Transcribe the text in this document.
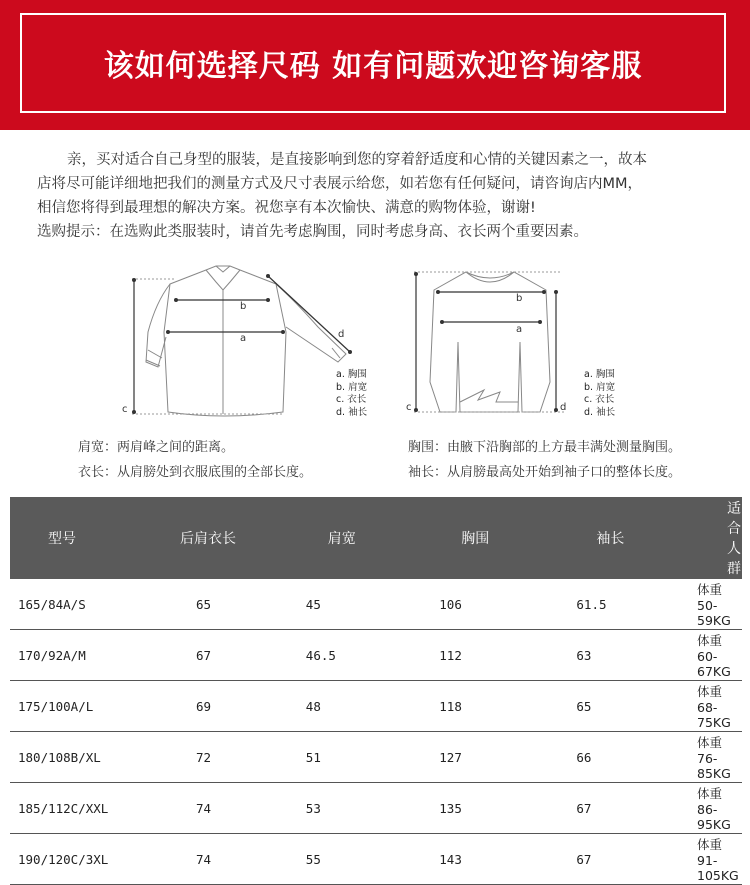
该如何选择尺码 如有问题欢迎咨询客服

亲，买对适合自己身型的服装，是直接影响到您的穿着舒适度和心情的关键因素之一，故本

店将尽可能详细地把我们的测量方式及尺寸表展示给您，如若您有任何疑问，请咨询店内MM，

相信您将得到最理想的解决方案。祝您享有本次愉快、满意的购物体验，谢谢!

选购提示：在选购此类服装时，请首先考虑胸围，同时考虑身高、衣长两个重要因素。

b
a
c
d
a. 胸围
b. 肩宽
c. 衣长
d. 袖长
b
a
c	d
a. 胸围
b. 肩宽
c. 衣长
d. 袖长
肩宽：两肩峰之间的距离。	胸围：由腋下沿胸部的上方最丰满处测量胸围。
衣长：从肩膀处到衣服底围的全部长度。	袖长：从肩膀最高处开始到袖子口的整体长度。
型号	后肩衣长	肩宽	胸围	袖长	适合人群
165/84A/S	65	45	106	61.5	体重50-59KG
170/92A/M	67	46.5	112	63	体重60-67KG
175/100A/L	69	48	118	65	体重68-75KG
180/108B/XL	72	51	127	66	体重76-85KG
185/112C/XXL	74	53	135	67	体重86-95KG
190/120C/3XL	74	55	143	67	体重91-105KG
